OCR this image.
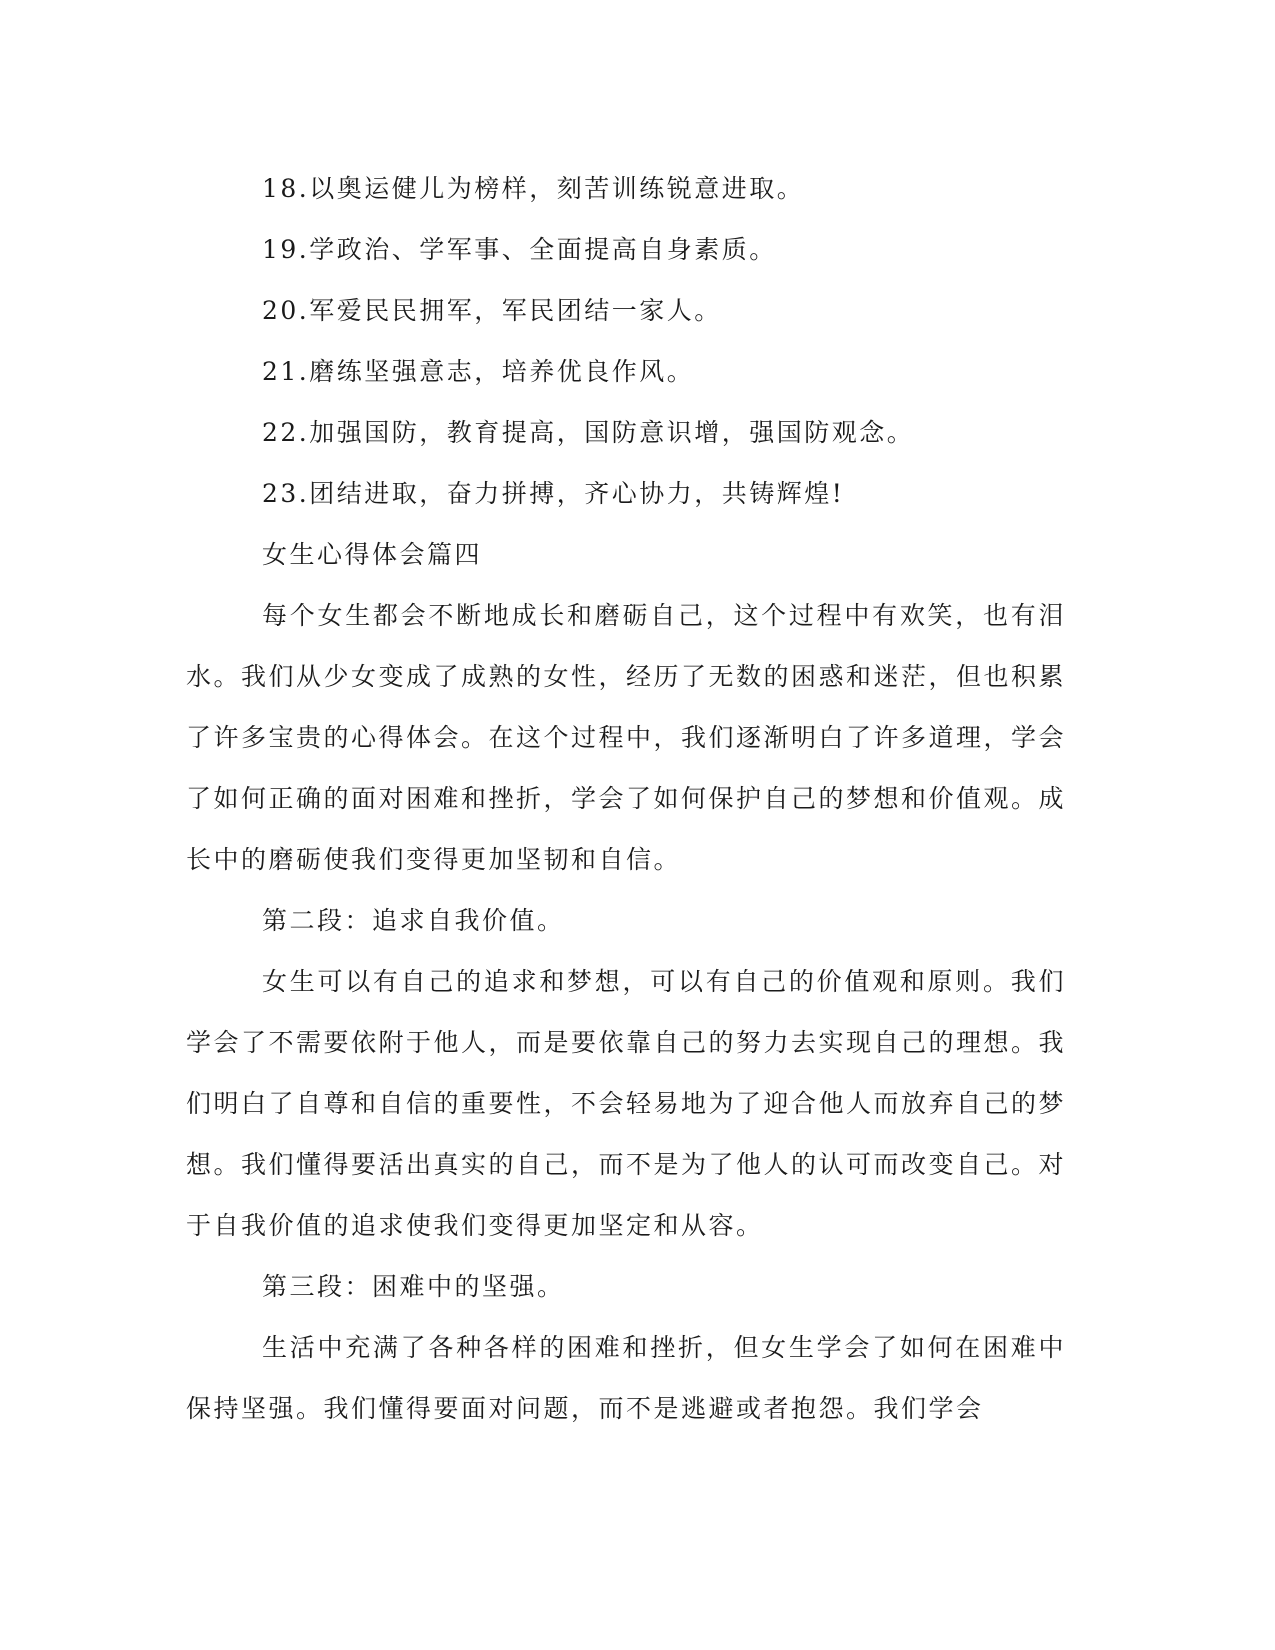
18.以奥运健儿为榜样，刻苦训练锐意进取。

19.学政治、学军事、全面提高自身素质。

20.军爱民民拥军，军民团结一家人。

21.磨练坚强意志，培养优良作风。

22.加强国防，教育提高，国防意识增，强国防观念。

23.团结进取，奋力拼搏，齐心协力，共铸辉煌!

女生心得体会篇四

每个女生都会不断地成长和磨砺自己，这个过程中有欢笑，也有泪水。我们从少女变成了成熟的女性，经历了无数的困惑和迷茫，但也积累了许多宝贵的心得体会。在这个过程中，我们逐渐明白了许多道理，学会了如何正确的面对困难和挫折，学会了如何保护自己的梦想和价值观。成长中的磨砺使我们变得更加坚韧和自信。

第二段：追求自我价值。

女生可以有自己的追求和梦想，可以有自己的价值观和原则。我们学会了不需要依附于他人，而是要依靠自己的努力去实现自己的理想。我们明白了自尊和自信的重要性，不会轻易地为了迎合他人而放弃自己的梦想。我们懂得要活出真实的自己，而不是为了他人的认可而改变自己。对于自我价值的追求使我们变得更加坚定和从容。

第三段：困难中的坚强。

生活中充满了各种各样的困难和挫折，但女生学会了如何在困难中保持坚强。我们懂得要面对问题，而不是逃避或者抱怨。我们学会
